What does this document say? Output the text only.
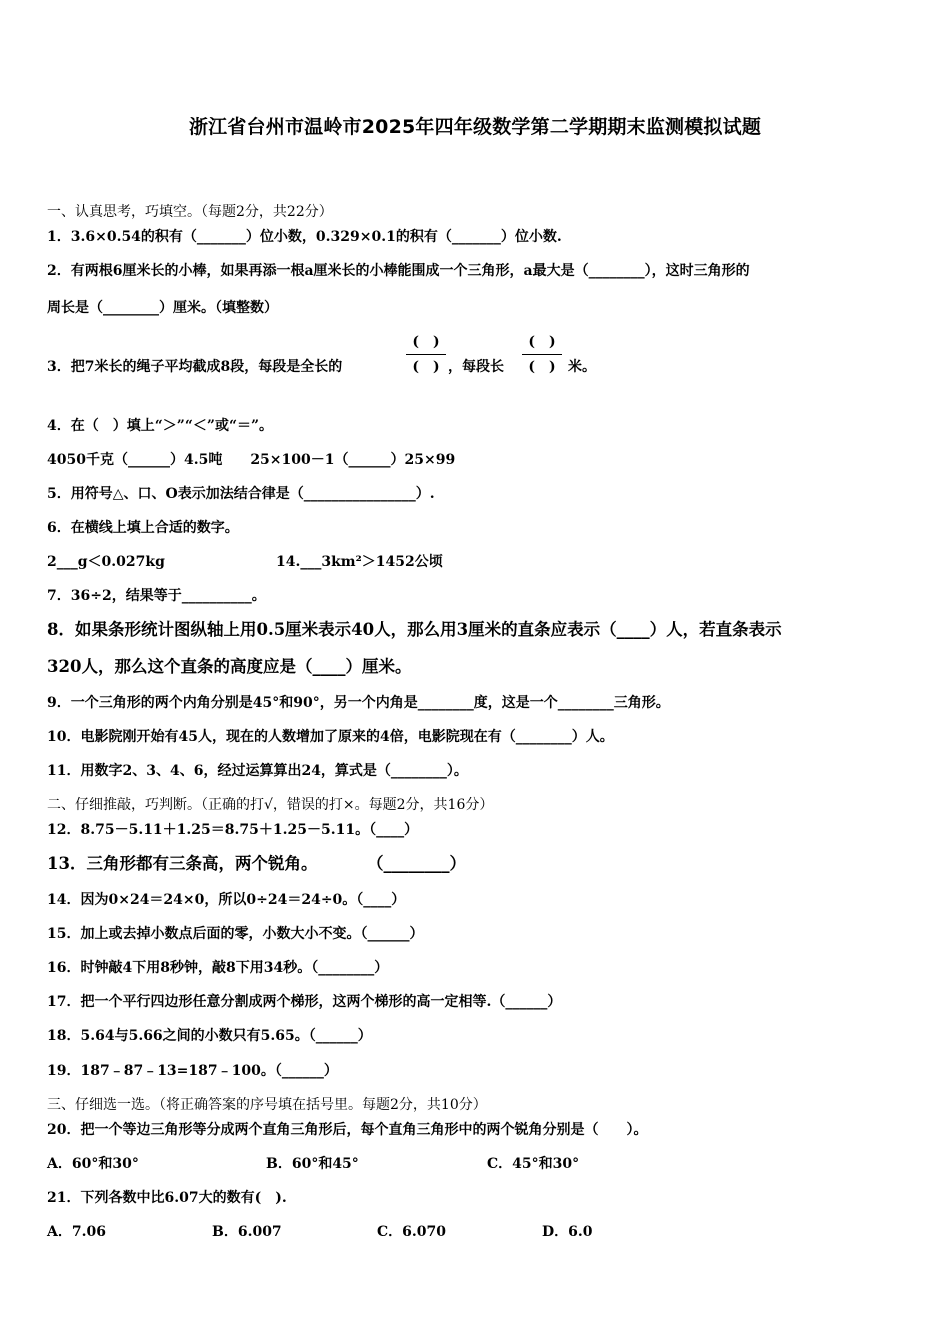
浙江省台州市温岭市2025年四年级数学第二学期期末监测模拟试题
一、认真思考，巧填空。（每题2分，共22分）
1．3.6×0.54的积有（_______）位小数，0.329×0.1的积有（_______）位小数.
2．有两根6厘米长的小棒，如果再添一根a厘米长的小棒能围成一个三角形，a最大是（________），这时三角形的
周长是（________）厘米。（填整数）
3．把7米长的绳子平均截成8段，每段是全长的
(　)
(　) ，每段长
(　)
(　) 米。
4．在（　）填上“＞”“＜”或“＝”。
4050千克（______）4.5吨　　25×100－1（______）25×99
5．用符号△、口、O表示加法结合律是（________________）.
6．在横线上填上合适的数字。
2___g＜0.027kg	14.___3km²＞1452公顷
7．36÷2，结果等于__________。
8．如果条形统计图纵轴上用0.5厘米表示40人，那么用3厘米的直条应表示（____）人，若直条表示
320人，那么这个直条的高度应是（____）厘米。
9．一个三角形的两个内角分别是45°和90°，另一个内角是________度，这是一个________三角形。
10．电影院刚开始有45人，现在的人数增加了原来的4倍，电影院现在有（________）人。
11．用数字2、3、4、6，经过运算算出24，算式是（________）。
二、仔细推敲，巧判断。（正确的打√，错误的打×。每题2分，共16分）
12．8.75－5.11＋1.25＝8.75＋1.25－5.11。（____）
13．三角形都有三条高，两个锐角。　　　　（________）
14．因为0×24＝24×0，所以0÷24＝24÷0。（____）
15．加上或去掉小数点后面的零，小数大小不变。（______）
16．时钟敲4下用8秒钟，敲8下用34秒。（________）
17．把一个平行四边形任意分割成两个梯形，这两个梯形的高一定相等.（______）
18．5.64与5.66之间的小数只有5.65。（______）
19．187﹣87﹣13=187﹣100。（______）
三、仔细选一选。（将正确答案的序号填在括号里。每题2分，共10分）
20．把一个等边三角形等分成两个直角三角形后，每个直角三角形中的两个锐角分别是（　　）。
A．60°和30°	B．60°和45°	C．45°和30°
21．下列各数中比6.07大的数有(　).
A．7.06	B．6.007	C．6.070	D．6.0
